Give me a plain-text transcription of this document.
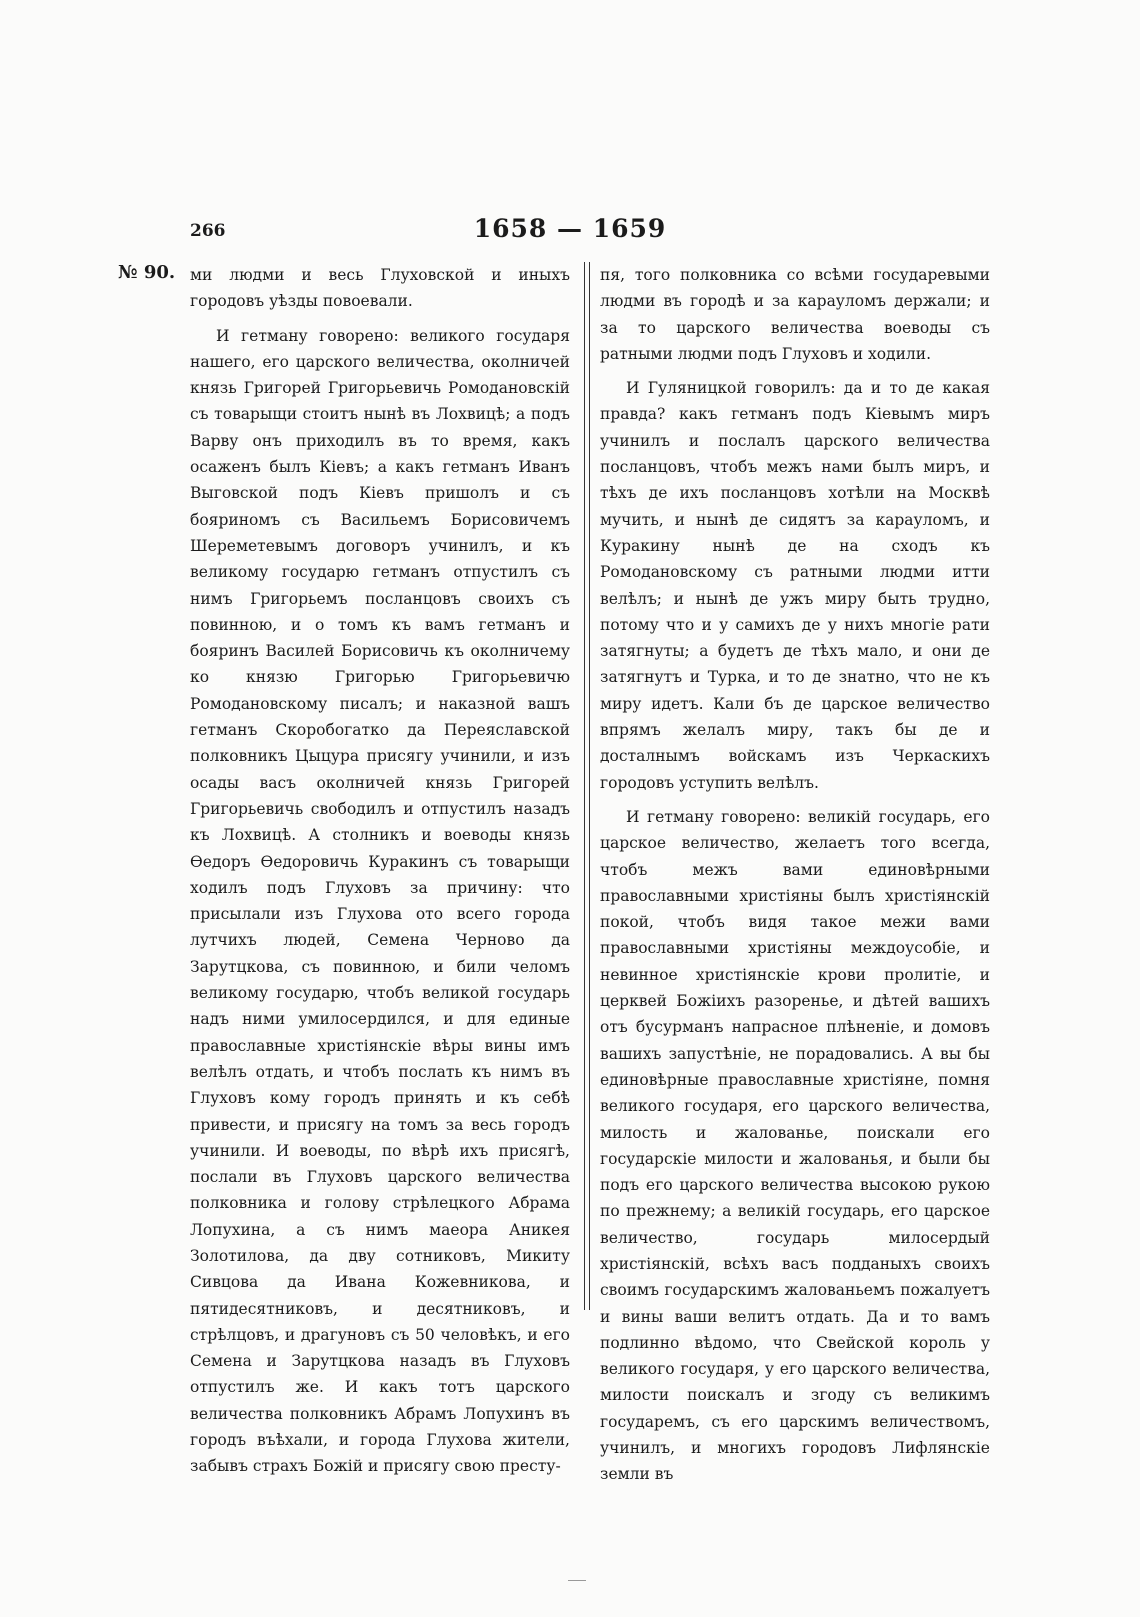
266	1658 — 1659
№ 90. ми людми и весь Глуховской и иныхъ городовъ уѣзды повоевали.

И гетману говорено: великого государя нашего, его царского величества, околничей князь Григорей Григорьевичь Ромодановскій съ товарыщи стоитъ нынѣ въ Лохвицѣ; а подъ Варву онъ приходилъ въ то время, какъ осаженъ былъ Кіевъ; а какъ гетманъ Иванъ Выговской подъ Кіевъ пришолъ и съ бояриномъ съ Васильемъ Борисовичемъ Шереметевымъ договоръ учинилъ, и къ великому государю гетманъ отпустилъ съ нимъ Григорьемъ посланцовъ своихъ съ повинною, и о томъ къ вамъ гетманъ и бояринъ Василей Борисовичь къ околничему ко князю Григорью Григорьевичю Ромодановскому писалъ; и наказной вашъ гетманъ Скоробогатко да Переяславской полковникъ Цыцура присягу учинили, и изъ осады васъ околничей князь Григорей Григорьевичь свободилъ и отпустилъ назадъ къ Лохвицѣ. А столникъ и воеводы князь Өедоръ Өедоровичь Куракинъ съ товарыщи ходилъ подъ Глуховъ за причину: что присылали изъ Глухова ото всего города лутчихъ людей, Семена Черново да Зарутцкова, съ повинною, и били челомъ великому государю, чтобъ великой государь надъ ними умилосердился, и для единые православные христіянскіе вѣры вины имъ велѣлъ отдать, и чтобъ послать къ нимъ въ Глуховъ кому городъ принять и къ себѣ привести, и присягу на томъ за весь городъ учинили. И воеводы, по вѣрѣ ихъ присягѣ, послали въ Глуховъ царского величества полковника и голову стрѣлецкого Абрама Лопухина, а съ нимъ маеора Аникея Золотилова, да дву сотниковъ, Микиту Сивцова да Ивана Кожевникова, и пятидесятниковъ, и десятниковъ, и стрѣлцовъ, и драгуновъ съ 50 человѣкъ, и его Семена и Зарутцкова назадъ въ Глуховъ отпустилъ же. И какъ тотъ царского величества полковникъ Абрамъ Лопухинъ въ городъ въѣхали, и города Глухова жители, забывъ страхъ Божій и присягу свою престу-

пя, того полковника со всѣми государевыми людми въ городѣ и за карауломъ держали; и за то царского величества воеводы съ ратными людми подъ Глуховъ и ходили.

И Гуляницкой говорилъ: да и то де какая правда? какъ гетманъ подъ Кіевымъ миръ учинилъ и послалъ царского величества посланцовъ, чтобъ межъ нами былъ миръ, и тѣхъ де ихъ посланцовъ хотѣли на Москвѣ мучить, и нынѣ де сидятъ за карауломъ, и Куракину нынѣ де на сходъ къ Ромодановскому съ ратными людми итти велѣлъ; и нынѣ де ужъ миру быть трудно, потому что и у самихъ де у нихъ многіе рати затягнуты; а будетъ де тѣхъ мало, и они де затягнутъ и Турка, и то де знатно, что не къ миру идетъ. Кали бъ де царское величество впрямъ желалъ миру, такъ бы де и досталнымъ войскамъ изъ Черкаскихъ городовъ уступить велѣлъ.

И гетману говорено: великій государь, его царское величество, желаетъ того всегда, чтобъ межъ вами единовѣрными православными христіяны былъ христіянскій покой, чтобъ видя такое межи вами православными христіяны междоусобіе, и невинное христіянскіе крови пролитіе, и церквей Божіихъ разоренье, и дѣтей вашихъ отъ бусурманъ напрасное плѣненіе, и домовъ вашихъ запустѣніе, не порадовались. А вы бы единовѣрные православные христіяне, помня великого государя, его царского величества, милость и жалованье, поискали его государскіе милости и жалованья, и были бы подъ его царского величества высокою рукою по прежнему; а великій государь, его царское величество, государь милосердый христіянскій, всѣхъ васъ подданыхъ своихъ своимъ государскимъ жалованьемъ пожалуетъ и вины ваши велитъ отдать. Да и то вамъ подлинно вѣдомо, что Свейской король у великого государя, у его царского величества, милости поискалъ и згоду съ великимъ государемъ, съ его царскимъ величествомъ, учинилъ, и многихъ городовъ Лифлянскіе земли въ
